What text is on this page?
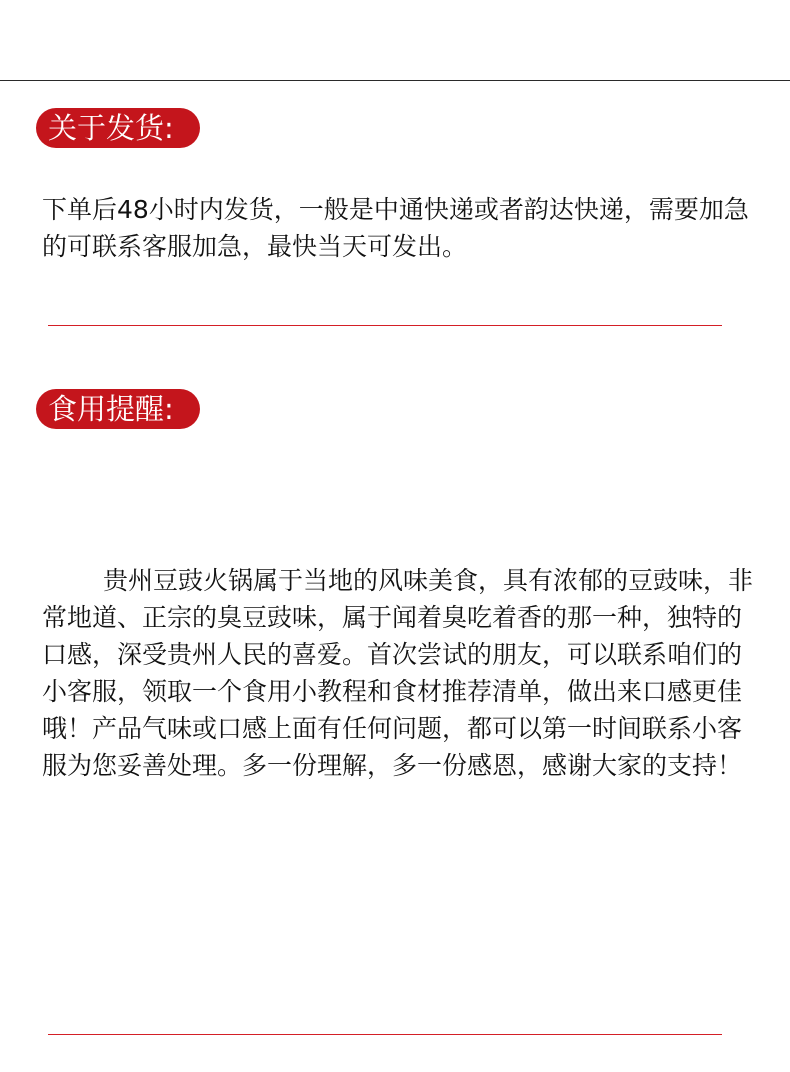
关于发货:

下单后48小时内发货，一般是中通快递或者韵达快递，需要加急的可联系客服加急，最快当天可发出。

食用提醒:

贵州豆豉火锅属于当地的风味美食，具有浓郁的豆豉味，非常地道、正宗的臭豆豉味，属于闻着臭吃着香的那一种，独特的口感，深受贵州人民的喜爱。首次尝试的朋友，可以联系咱们的小客服，领取一个食用小教程和食材推荐清单，做出来口感更佳哦！产品气味或口感上面有任何问题，都可以第一时间联系小客服为您妥善处理。多一份理解，多一份感恩，感谢大家的支持！
